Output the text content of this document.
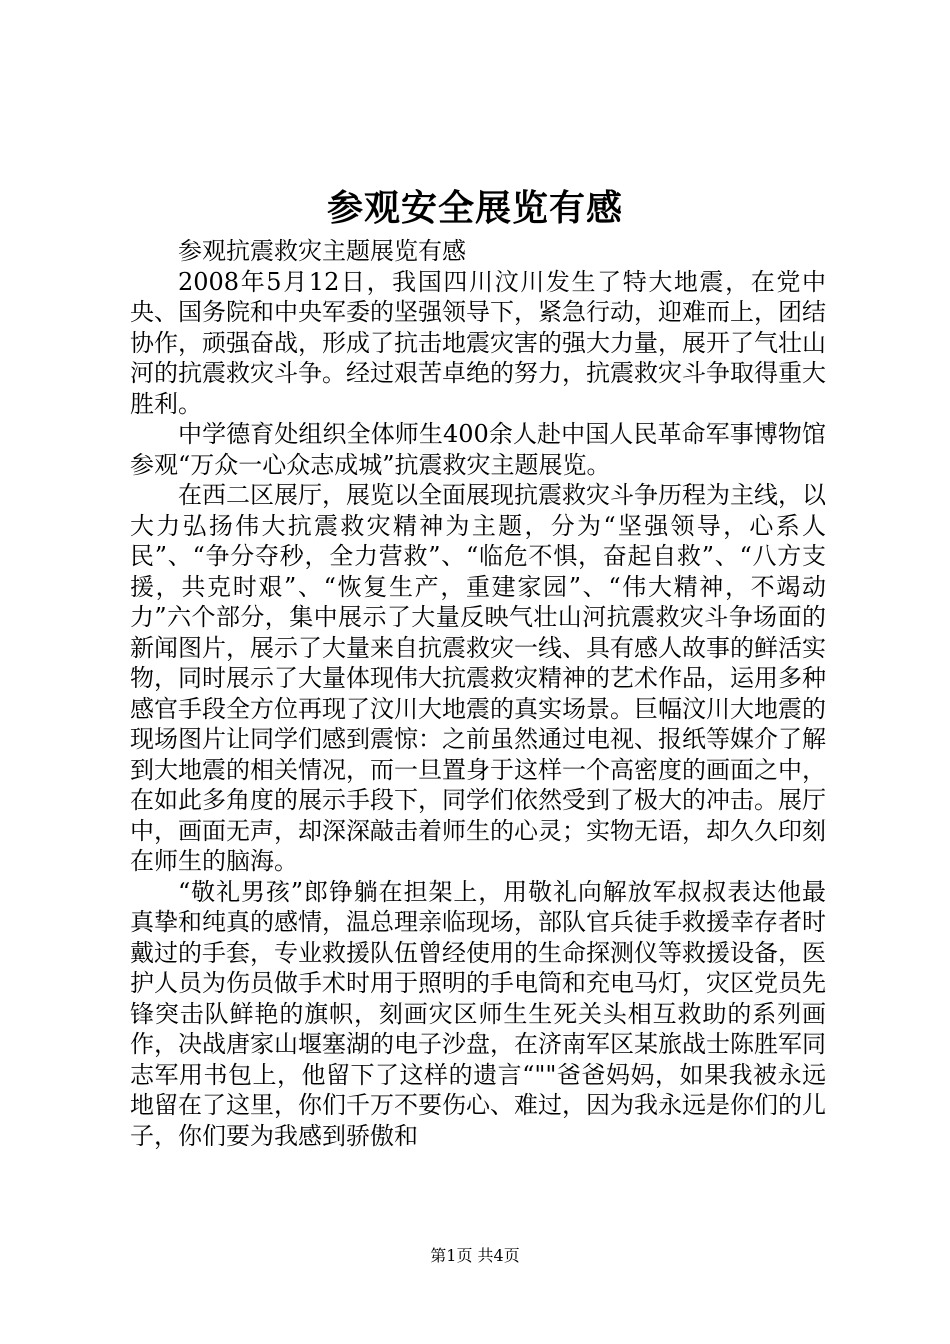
参观安全展览有感

参观抗震救灾主题展览有感

2008年5月12日，我国四川汶川发生了特大地震，在党中央、国务院和中央军委的坚强领导下，紧急行动，迎难而上，团结协作，顽强奋战，形成了抗击地震灾害的强大力量，展开了气壮山河的抗震救灾斗争。经过艰苦卓绝的努力，抗震救灾斗争取得重大胜利。

中学德育处组织全体师生400余人赴中国人民革命军事博物馆参观“万众一心众志成城”抗震救灾主题展览。

在西二区展厅，展览以全面展现抗震救灾斗争历程为主线，以大力弘扬伟大抗震救灾精神为主题，分为“坚强领导，心系人民”、“争分夺秒，全力营救”、“临危不惧，奋起自救”、“八方支援，共克时艰”、“恢复生产，重建家园”、“伟大精神，不竭动力”六个部分，集中展示了大量反映气壮山河抗震救灾斗争场面的新闻图片，展示了大量来自抗震救灾一线、具有感人故事的鲜活实物，同时展示了大量体现伟大抗震救灾精神的艺术作品，运用多种感官手段全方位再现了汶川大地震的真实场景。巨幅汶川大地震的现场图片让同学们感到震惊：之前虽然通过电视、报纸等媒介了解到大地震的相关情况，而一旦置身于这样一个高密度的画面之中，在如此多角度的展示手段下，同学们依然受到了极大的冲击。展厅中，画面无声，却深深敲击着师生的心灵；实物无语，却久久印刻在师生的脑海。

“敬礼男孩”郎铮躺在担架上，用敬礼向解放军叔叔表达他最真挚和纯真的感情，温总理亲临现场，部队官兵徒手救援幸存者时戴过的手套，专业救援队伍曾经使用的生命探测仪等救援设备，医护人员为伤员做手术时用于照明的手电筒和充电马灯，灾区党员先锋突击队鲜艳的旗帜，刻画灾区师生生死关头相互救助的系列画作，决战唐家山堰塞湖的电子沙盘，在济南军区某旅战士陈胜军同志军用书包上，他留下了这样的遗言“""爸爸妈妈，如果我被永远地留在了这里，你们千万不要伤心、难过，因为我永远是你们的儿子，你们要为我感到骄傲和

第1页 共4页
